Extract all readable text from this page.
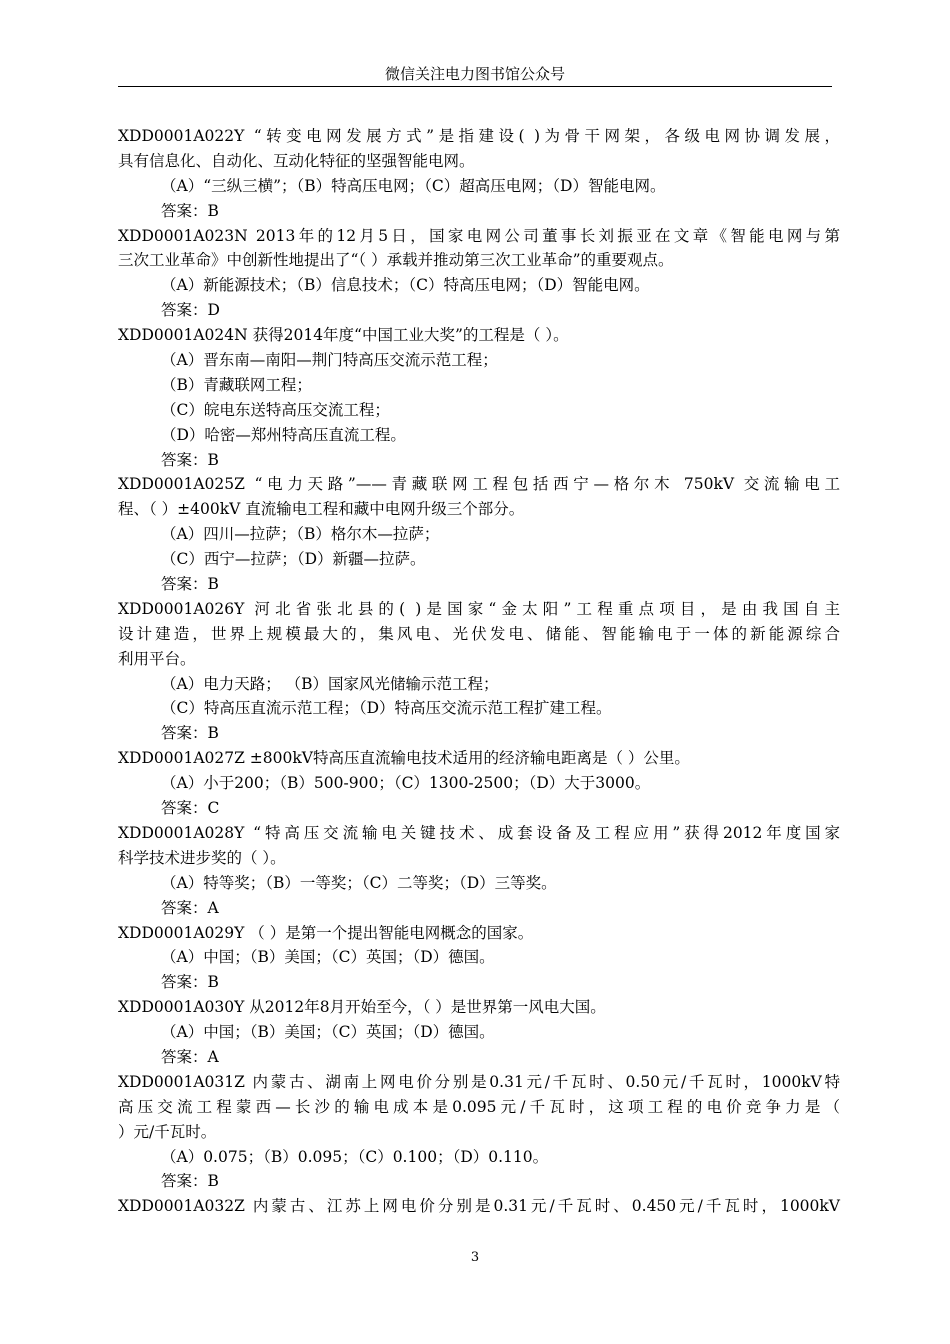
微信关注电力图书馆公众号
XDD0001A022Y “转变电网发展方式”是指建设( )为骨干网架，各级电网协调发展，
具有信息化、自动化、互动化特征的坚强智能电网。
（A）“三纵三横”；（B）特高压电网；（C）超高压电网；（D）智能电网。
答案：B
XDD0001A023N 2013年的12月5日，国家电网公司董事长刘振亚在文章《智能电网与第
三次工业革命》中创新性地提出了“（ ）承载并推动第三次工业革命”的重要观点。
（A）新能源技术；（B）信息技术；（C）特高压电网；（D）智能电网。
答案：D
XDD0001A024N 获得2014年度“中国工业大奖”的工程是（ ）。
（A）晋东南—南阳—荆门特高压交流示范工程；
（B）青藏联网工程；
（C）皖电东送特高压交流工程；
（D）哈密—郑州特高压直流工程。
答案：B
XDD0001A025Z “电力天路”——青藏联网工程包括西宁—格尔木 750kV 交流输电工
程、（ ）±400kV 直流输电工程和藏中电网升级三个部分。
（A）四川—拉萨；（B）格尔木—拉萨；
（C）西宁—拉萨；（D）新疆—拉萨。
答案：B
XDD0001A026Y 河北省张北县的( )是国家“金太阳”工程重点项目，是由我国自主
设计建造，世界上规模最大的，集风电、光伏发电、储能、智能输电于一体的新能源综合
利用平台。
（A）电力天路； （B）国家风光储输示范工程；
（C）特高压直流示范工程；（D）特高压交流示范工程扩建工程。
答案：B
XDD0001A027Z ±800kV特高压直流输电技术适用的经济输电距离是（ ）公里。
（A）小于200；（B）500-900；（C）1300-2500；（D）大于3000。
答案：C
XDD0001A028Y “特高压交流输电关键技术、成套设备及工程应用”获得2012年度国家
科学技术进步奖的（ ）。
（A）特等奖；（B）一等奖；（C）二等奖；（D）三等奖。
答案：A
XDD0001A029Y （ ）是第一个提出智能电网概念的国家。
（A）中国；（B）美国；（C）英国；（D）德国。
答案：B
XDD0001A030Y 从2012年8月开始至今，（ ）是世界第一风电大国。
（A）中国；（B）美国；（C）英国；（D）德国。
答案：A
XDD0001A031Z 内蒙古、湖南上网电价分别是0.31元/千瓦时、0.50元/千瓦时，1000kV特
高压交流工程蒙西—长沙的输电成本是0.095元/千瓦时，这项工程的电价竞争力是（
）元/千瓦时。
（A）0.075；（B）0.095；（C）0.100；（D）0.110。
答案：B
XDD0001A032Z 内蒙古、江苏上网电价分别是0.31元/千瓦时、0.450元/千瓦时，1000kV
3
